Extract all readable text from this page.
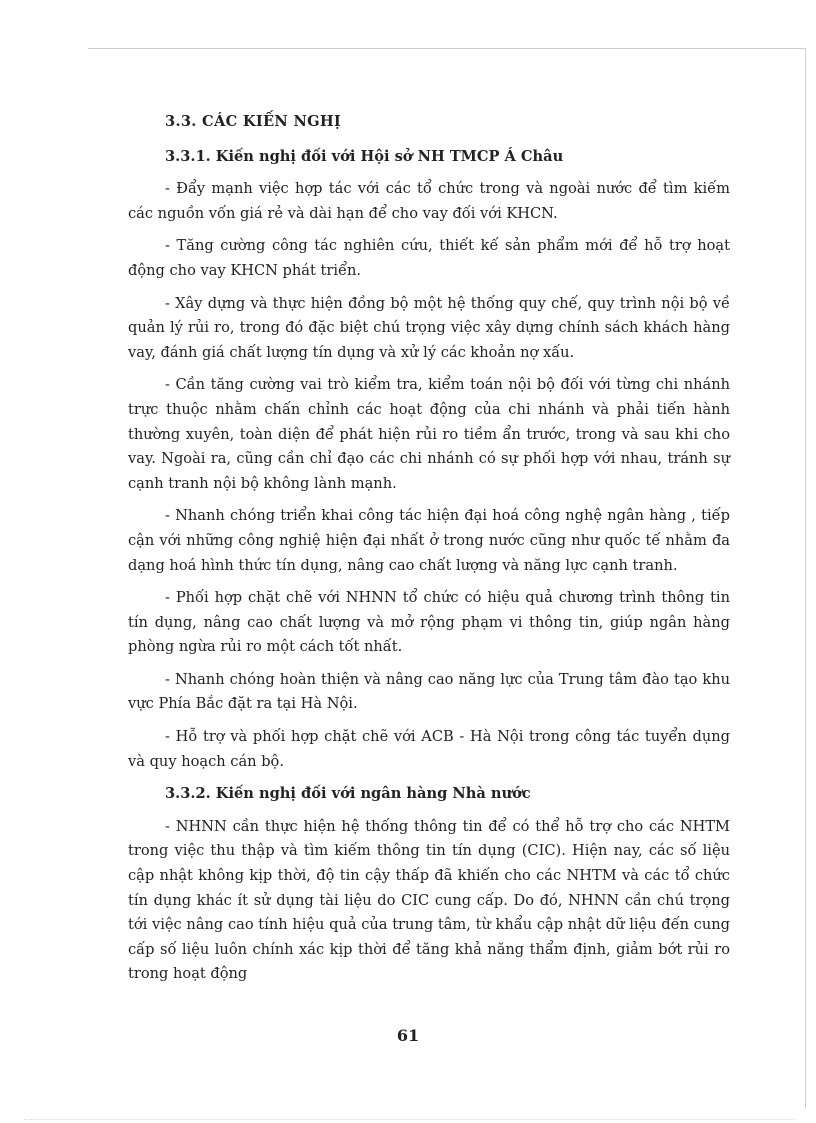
3.3. CÁC KIẾN NGHỊ
3.3.1. Kiến nghị đối với Hội sở NH TMCP Á Châu

- Đẩy mạnh việc hợp tác với các tổ chức trong và ngoài nước để tìm kiếm các nguồn vốn giá rẻ và dài hạn để cho vay đối với KHCN.

- Tăng cường công tác nghiên cứu, thiết kế sản phẩm mới để hỗ trợ hoạt động cho vay KHCN phát triển.

- Xây dựng và thực hiện đồng bộ một hệ thống quy chế, quy trình nội bộ về quản lý rủi ro, trong đó đặc biệt chú trọng việc xây dựng chính sách khách hàng vay, đánh giá chất lượng tín dụng và xử lý các khoản nợ xấu.

- Cần tăng cường vai trò kiểm tra, kiểm toán nội bộ đối với từng chi nhánh trực thuộc nhằm chấn chỉnh các hoạt động của chi nhánh và phải tiến hành thường xuyên, toàn diện để phát hiện rủi ro tiềm ẩn trước, trong và sau khi cho vay. Ngoài ra, cũng cần chỉ đạo các chi nhánh có sự phối hợp với nhau, tránh sự cạnh tranh nội bộ không lành mạnh.

- Nhanh chóng triển khai công tác hiện đại hoá công nghệ ngân hàng , tiếp cận với những công nghiệ hiện đại nhất ở trong nước cũng như quốc tế nhằm đa dạng hoá hình thức tín dụng, nâng cao chất lượng và năng lực cạnh tranh.

- Phối hợp chặt chẽ với NHNN tổ chức có hiệu quả chương trình thông tin tín dụng, nâng cao chất lượng và mở rộng phạm vi thông tin, giúp ngân hàng phòng ngừa rủi ro một cách tốt nhất.

- Nhanh chóng hoàn thiện và nâng cao năng lực của Trung tâm đào tạo khu vực Phía Bắc đặt ra tại Hà Nội.

- Hỗ trợ và phối hợp chặt chẽ với ACB - Hà Nội trong công tác tuyển dụng và quy hoạch cán bộ.

3.3.2. Kiến nghị đối với ngân hàng Nhà nước

- NHNN cần thực hiện hệ thống thông tin để có thể hỗ trợ cho các NHTM trong việc thu thập và tìm kiếm thông tin tín dụng (CIC). Hiện nay, các số liệu cập nhật không kịp thời, độ tin cậy thấp đã khiến cho các NHTM và các tổ chức tín dụng khác ít sử dụng tài liệu do CIC cung cấp. Do đó, NHNN cần chú trọng tới việc nâng cao tính hiệu quả của trung tâm, từ khẩu cập nhật dữ liệu đến cung cấp số liệu luôn chính xác kịp thời để tăng khả năng thẩm định, giảm bớt rủi ro trong hoạt động

61
